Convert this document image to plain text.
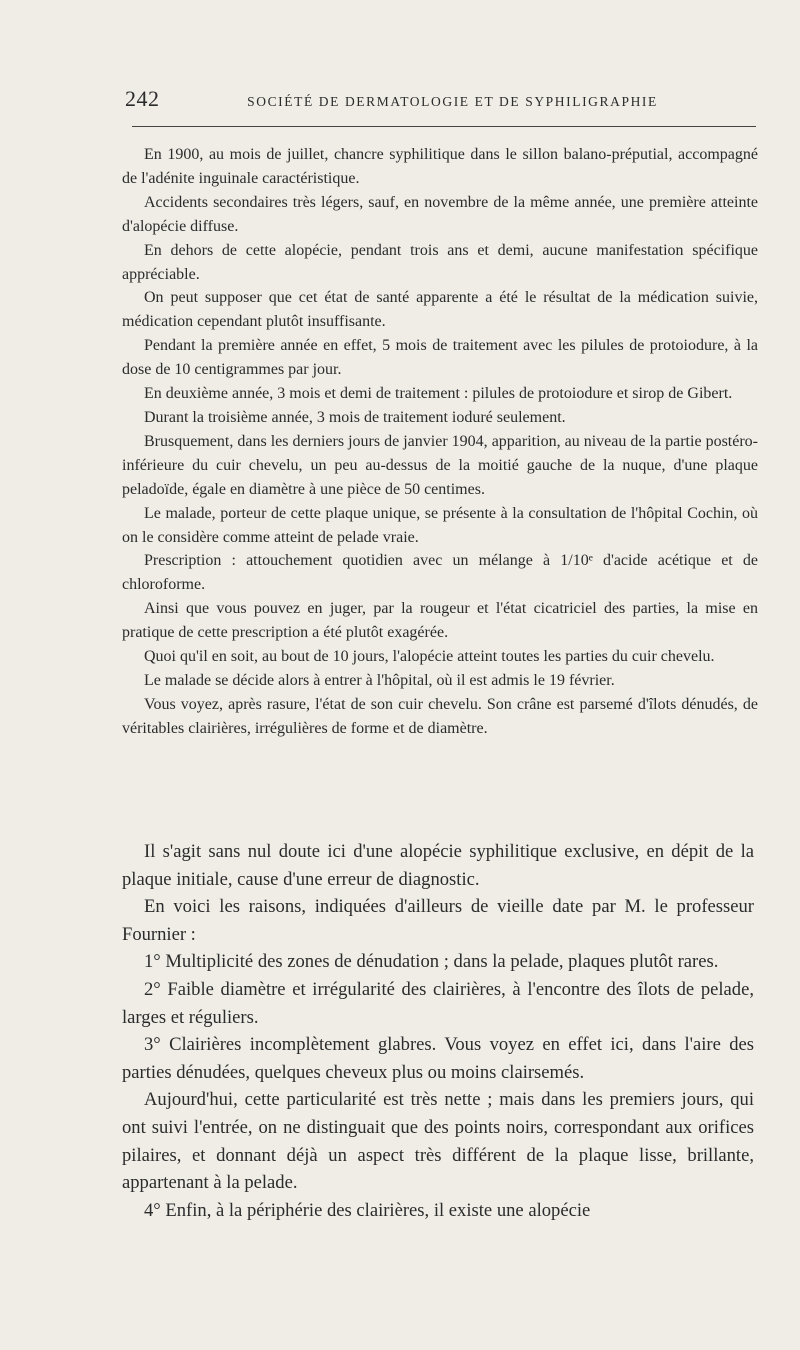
242	SOCIÉTÉ DE DERMATOLOGIE ET DE SYPHILIGRAPHIE

En 1900, au mois de juillet, chancre syphilitique dans le sillon balano-préputial, accompagné de l'adénite inguinale caractéristique.

Accidents secondaires très légers, sauf, en novembre de la même année, une première atteinte d'alopécie diffuse.

En dehors de cette alopécie, pendant trois ans et demi, aucune manifestation spécifique appréciable.

On peut supposer que cet état de santé apparente a été le résultat de la médication suivie, médication cependant plutôt insuffisante.

Pendant la première année en effet, 5 mois de traitement avec les pilules de protoiodure, à la dose de 10 centigrammes par jour.

En deuxième année, 3 mois et demi de traitement : pilules de protoiodure et sirop de Gibert.

Durant la troisième année, 3 mois de traitement ioduré seulement.

Brusquement, dans les derniers jours de janvier 1904, apparition, au niveau de la partie postéro-inférieure du cuir chevelu, un peu au-dessus de la moitié gauche de la nuque, d'une plaque peladoïde, égale en diamètre à une pièce de 50 centimes.

Le malade, porteur de cette plaque unique, se présente à la consultation de l'hôpital Cochin, où on le considère comme atteint de pelade vraie.

Prescription : attouchement quotidien avec un mélange à 1/10ᵉ d'acide acétique et de chloroforme.

Ainsi que vous pouvez en juger, par la rougeur et l'état cicatriciel des parties, la mise en pratique de cette prescription a été plutôt exagérée.

Quoi qu'il en soit, au bout de 10 jours, l'alopécie atteint toutes les parties du cuir chevelu.

Le malade se décide alors à entrer à l'hôpital, où il est admis le 19 février.

Vous voyez, après rasure, l'état de son cuir chevelu. Son crâne est parsemé d'îlots dénudés, de véritables clairières, irrégulières de forme et de diamètre.

Il s'agit sans nul doute ici d'une alopécie syphilitique exclusive, en dépit de la plaque initiale, cause d'une erreur de diagnostic.

En voici les raisons, indiquées d'ailleurs de vieille date par M. le professeur Fournier :

1° Multiplicité des zones de dénudation ; dans la pelade, plaques plutôt rares.

2° Faible diamètre et irrégularité des clairières, à l'encontre des îlots de pelade, larges et réguliers.

3° Clairières incomplètement glabres. Vous voyez en effet ici, dans l'aire des parties dénudées, quelques cheveux plus ou moins clairsemés.

Aujourd'hui, cette particularité est très nette ; mais dans les premiers jours, qui ont suivi l'entrée, on ne distinguait que des points noirs, correspondant aux orifices pilaires, et donnant déjà un aspect très différent de la plaque lisse, brillante, appartenant à la pelade.

4° Enfin, à la périphérie des clairières, il existe une alopécie
